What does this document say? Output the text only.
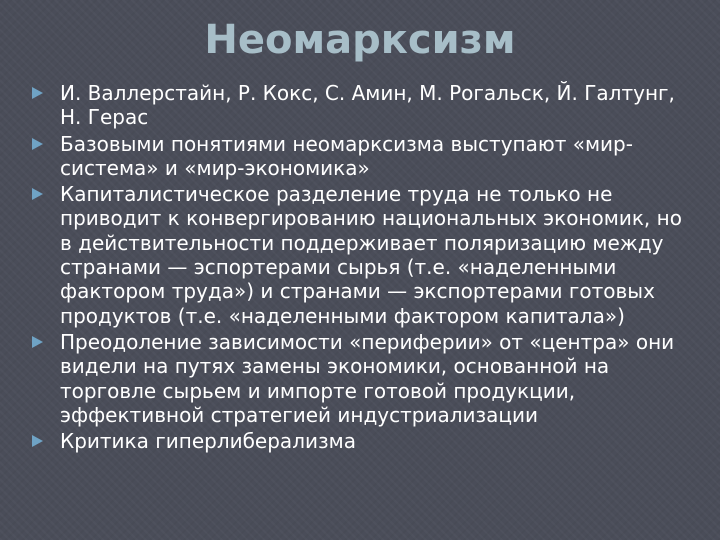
Неомарксизм
И. Валлерстайн, Р. Кокс, С. Амин, М. Рогальск, Й. Галтунг, Н. Герас
Базовыми понятиями неомарксизма выступают «мир-система» и «мир-экономика»
Капиталистическое разделение труда не только не приводит к конвергированию национальных экономик, но в действительности поддерживает поляризацию между странами — эспортерами сырья (т.е. «наделенными фактором труда») и странами — экспортерами готовых продуктов (т.е. «наделенными фактором капитала»)
Преодоление зависимости «периферии» от «центра» они видели на путях замены экономики, основанной на торговле сырьем и импорте готовой продукции, эффективной стратегией индустриализации
Критика гиперлиберализма
